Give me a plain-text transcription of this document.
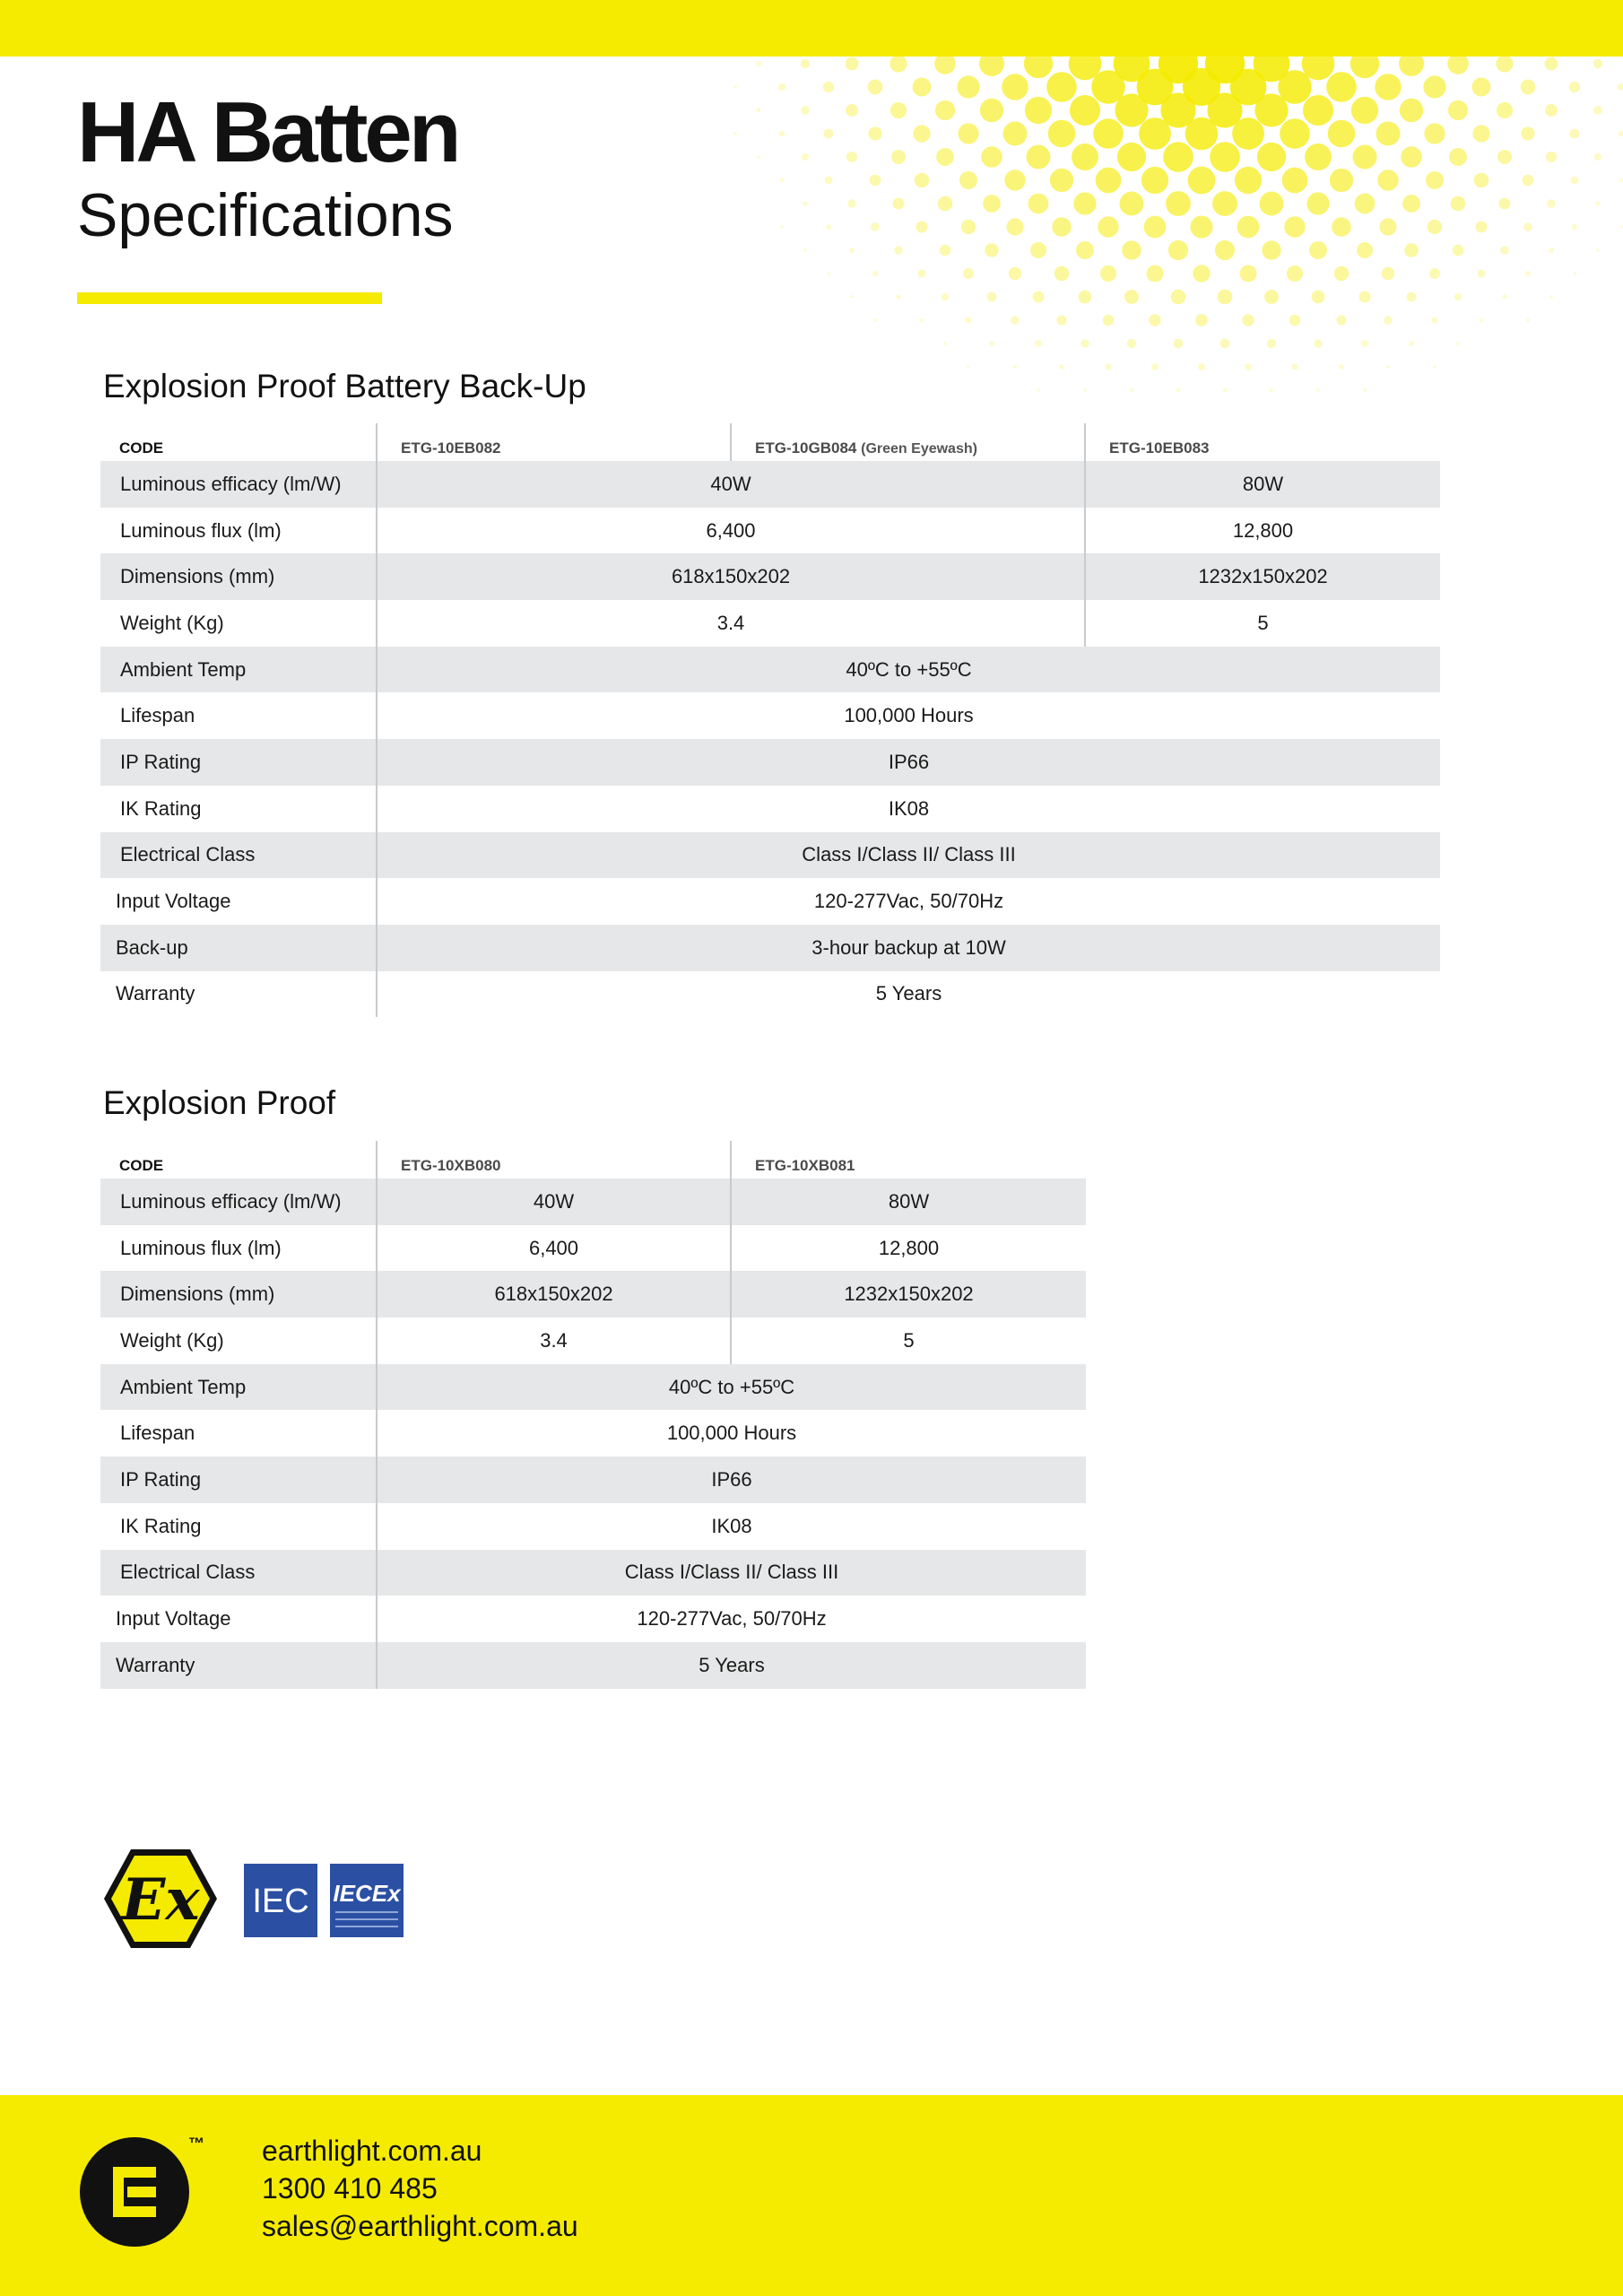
HA Batten
Specifications
Explosion Proof Battery Back-Up
CODE	ETG-10EB082	ETG-10GB084 (Green Eyewash)	ETG-10EB083
Luminous efficacy (lm/W)	40W		80W
Luminous flux (lm)	6,400		12,800
Dimensions (mm)	618x150x202		1232x150x202
Weight (Kg)	3.4		5
Ambient Temp	40ºC to +55ºC		
Lifespan	100,000 Hours		
IP Rating	IP66		
IK Rating	IK08		
Electrical Class	Class I/Class II/ Class III		
Input Voltage	120-277Vac, 50/70Hz		
Back-up	3-hour backup at 10W		
Warranty	5 Years		
Explosion Proof
CODE	ETG-10XB080	ETG-10XB081
Luminous efficacy (lm/W)	40W	80W
Luminous flux (lm)	6,400	12,800
Dimensions (mm)	618x150x202	1232x150x202
Weight (Kg)	3.4	5
Ambient Temp	40ºC to +55ºC	
Lifespan	100,000 Hours	
IP Rating	IP66	
IK Rating	IK08	
Electrical Class	Class I/Class II/ Class III	
Input Voltage	120-277Vac, 50/70Hz	
Warranty	5 Years	
Ex IEC IECEx
™ earthlight.com.au
1300 410 485
sales@earthlight.com.au
